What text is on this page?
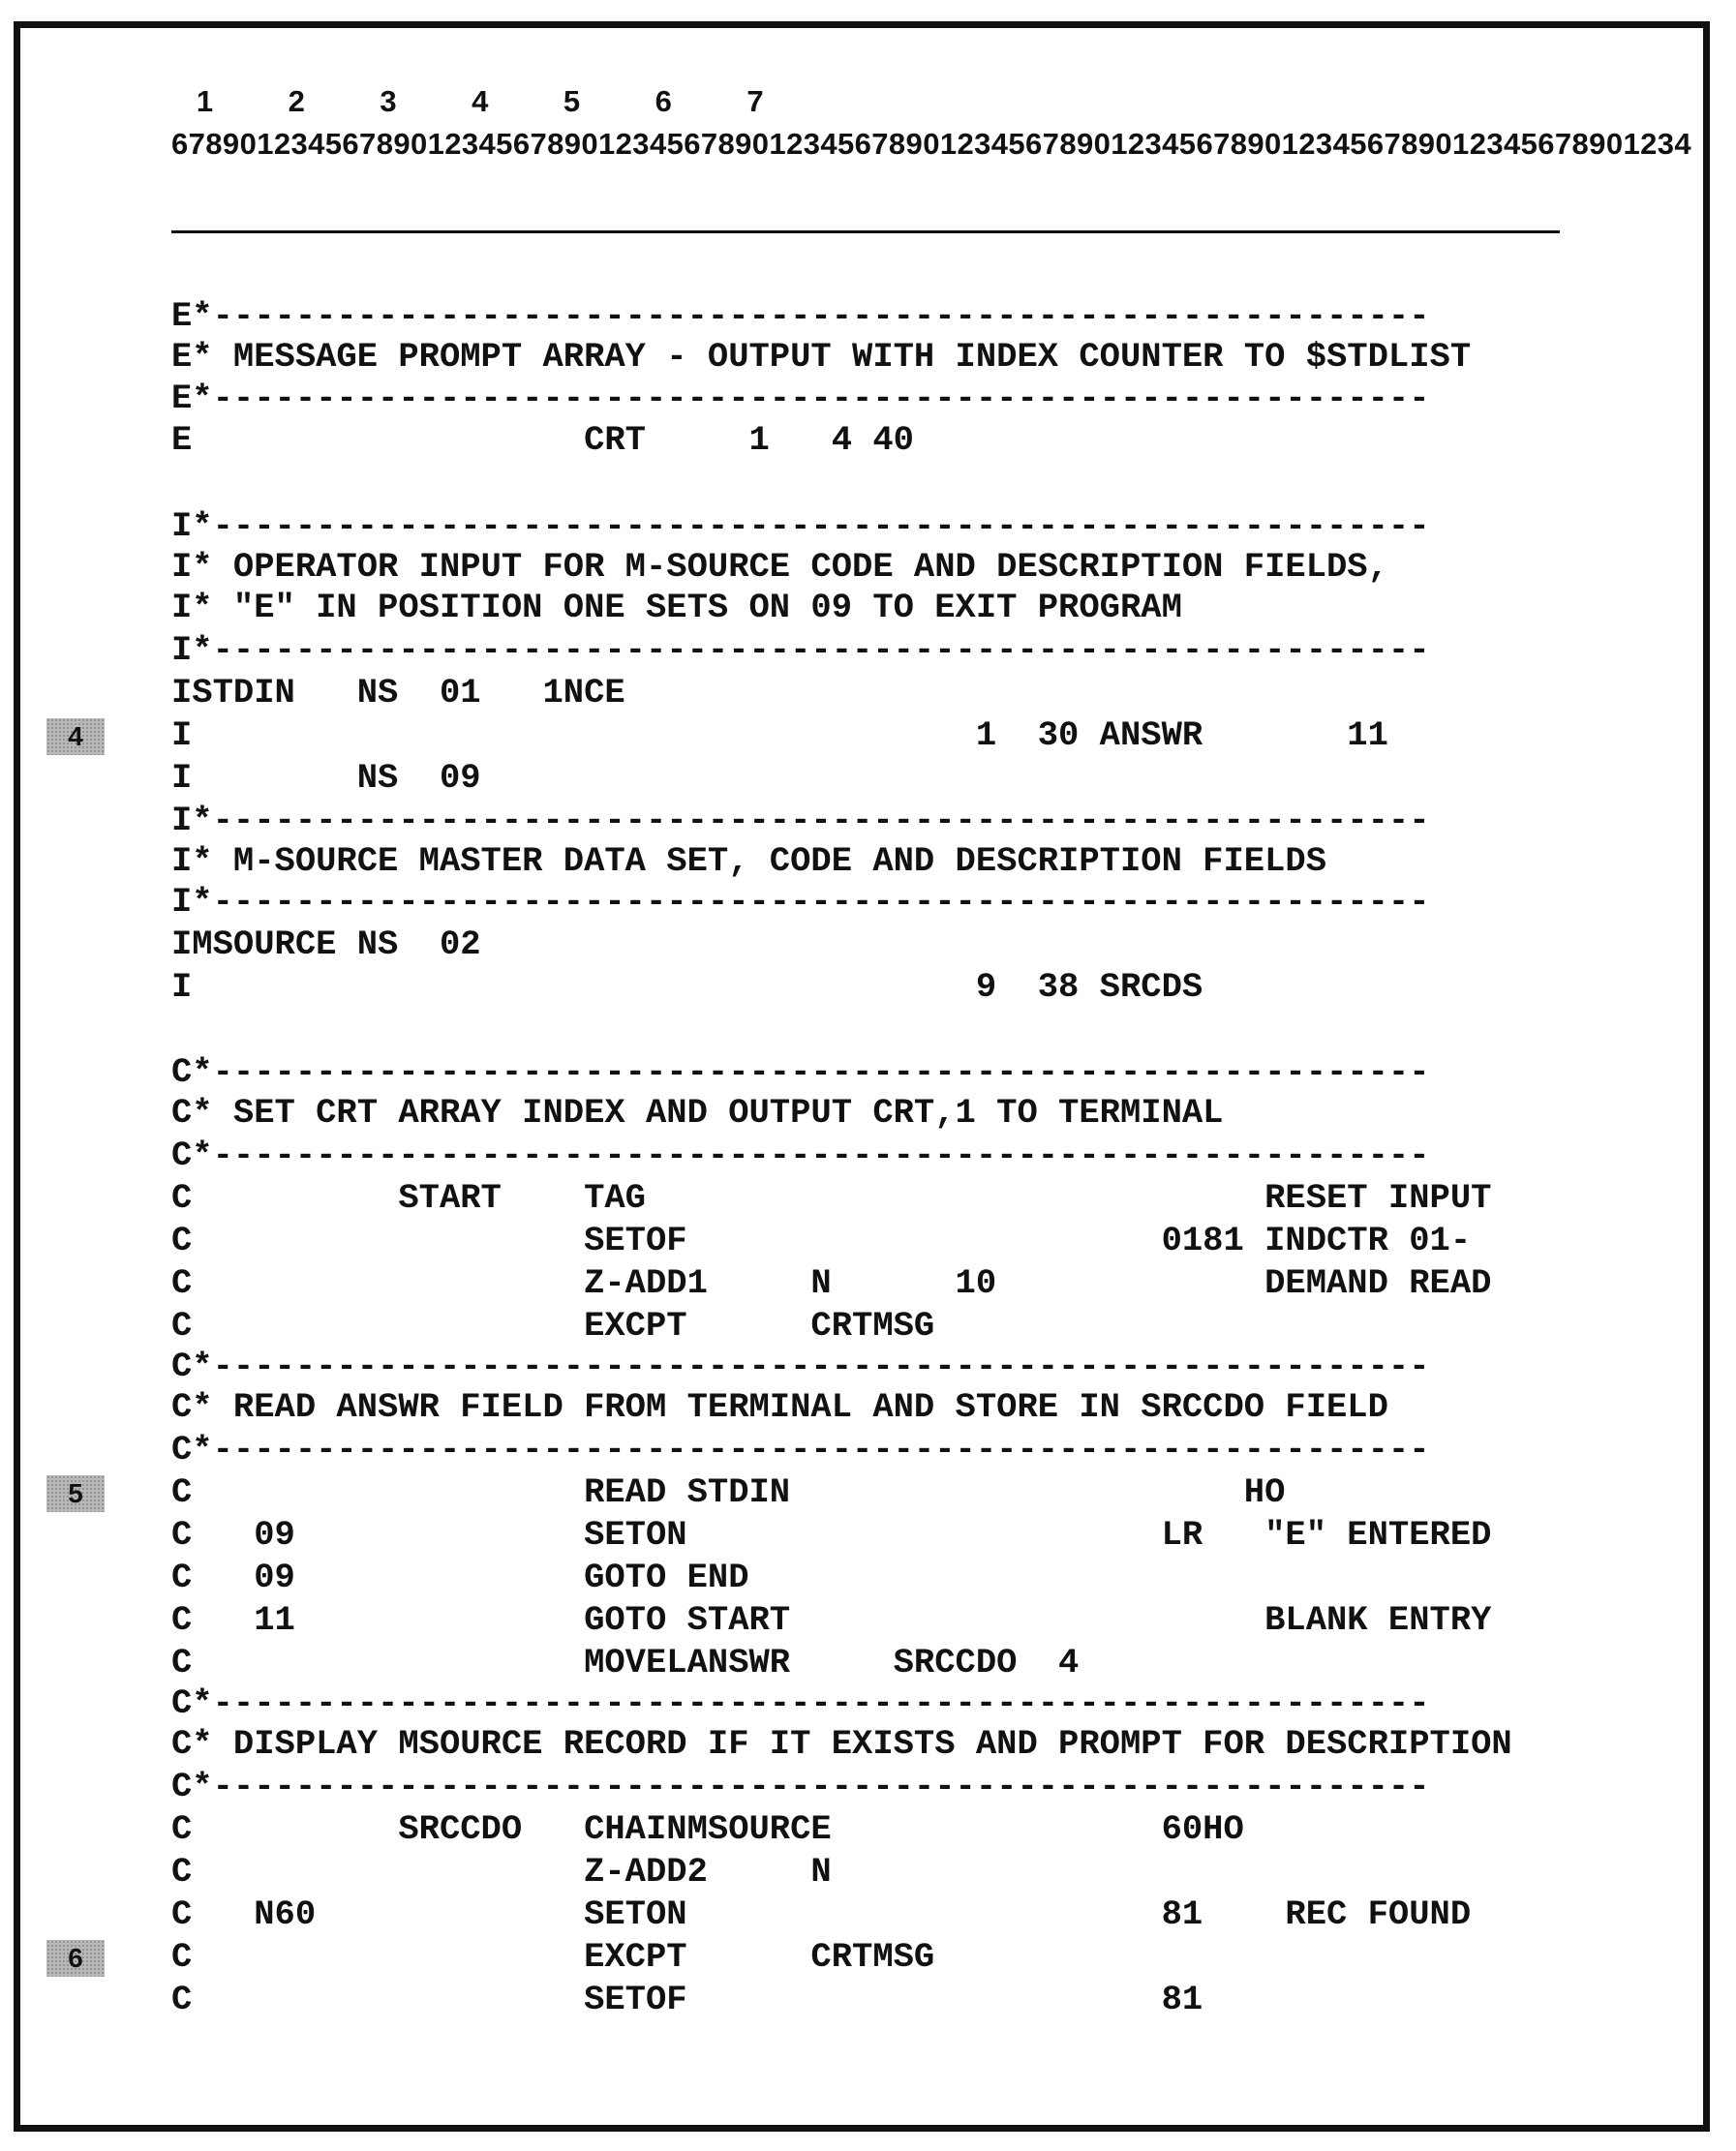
1         2         3         4         5         6         7
67890123456789012345678901234567890123456789012345678901234567890123456789012345678901234
E*-----------------------------------------------------------
E* MESSAGE PROMPT ARRAY - OUTPUT WITH INDEX COUNTER TO $STDLIST
E*-----------------------------------------------------------
E                   CRT     1   4 40
I*-----------------------------------------------------------
I* OPERATOR INPUT FOR M-SOURCE CODE AND DESCRIPTION FIELDS,
I* "E" IN POSITION ONE SETS ON 09 TO EXIT PROGRAM
I*-----------------------------------------------------------
ISTDIN   NS  01   1NCE
I                                      1  30 ANSWR       11
I        NS  09
I*-----------------------------------------------------------
I* M-SOURCE MASTER DATA SET, CODE AND DESCRIPTION FIELDS
I*-----------------------------------------------------------
IMSOURCE NS  02
I                                      9  38 SRCDS
C*-----------------------------------------------------------
C* SET CRT ARRAY INDEX AND OUTPUT CRT,1 TO TERMINAL
C*-----------------------------------------------------------
C          START    TAG                              RESET INPUT
C                   SETOF                       0181 INDCTR 01-
C                   Z-ADD1     N      10             DEMAND READ
C                   EXCPT      CRTMSG
C*-----------------------------------------------------------
C* READ ANSWR FIELD FROM TERMINAL AND STORE IN SRCCDO FIELD
C*-----------------------------------------------------------
C                   READ STDIN                      HO
C   09              SETON                       LR   "E" ENTERED
C   09              GOTO END
C   11              GOTO START                       BLANK ENTRY
C                   MOVELANSWR     SRCCDO  4
C*-----------------------------------------------------------
C* DISPLAY MSOURCE RECORD IF IT EXISTS AND PROMPT FOR DESCRIPTION
C*-----------------------------------------------------------
C          SRCCDO   CHAINMSOURCE                60HO
C                   Z-ADD2     N
C   N60             SETON                       81    REC FOUND
C                   EXCPT      CRTMSG
C                   SETOF                       81
4
5
6
